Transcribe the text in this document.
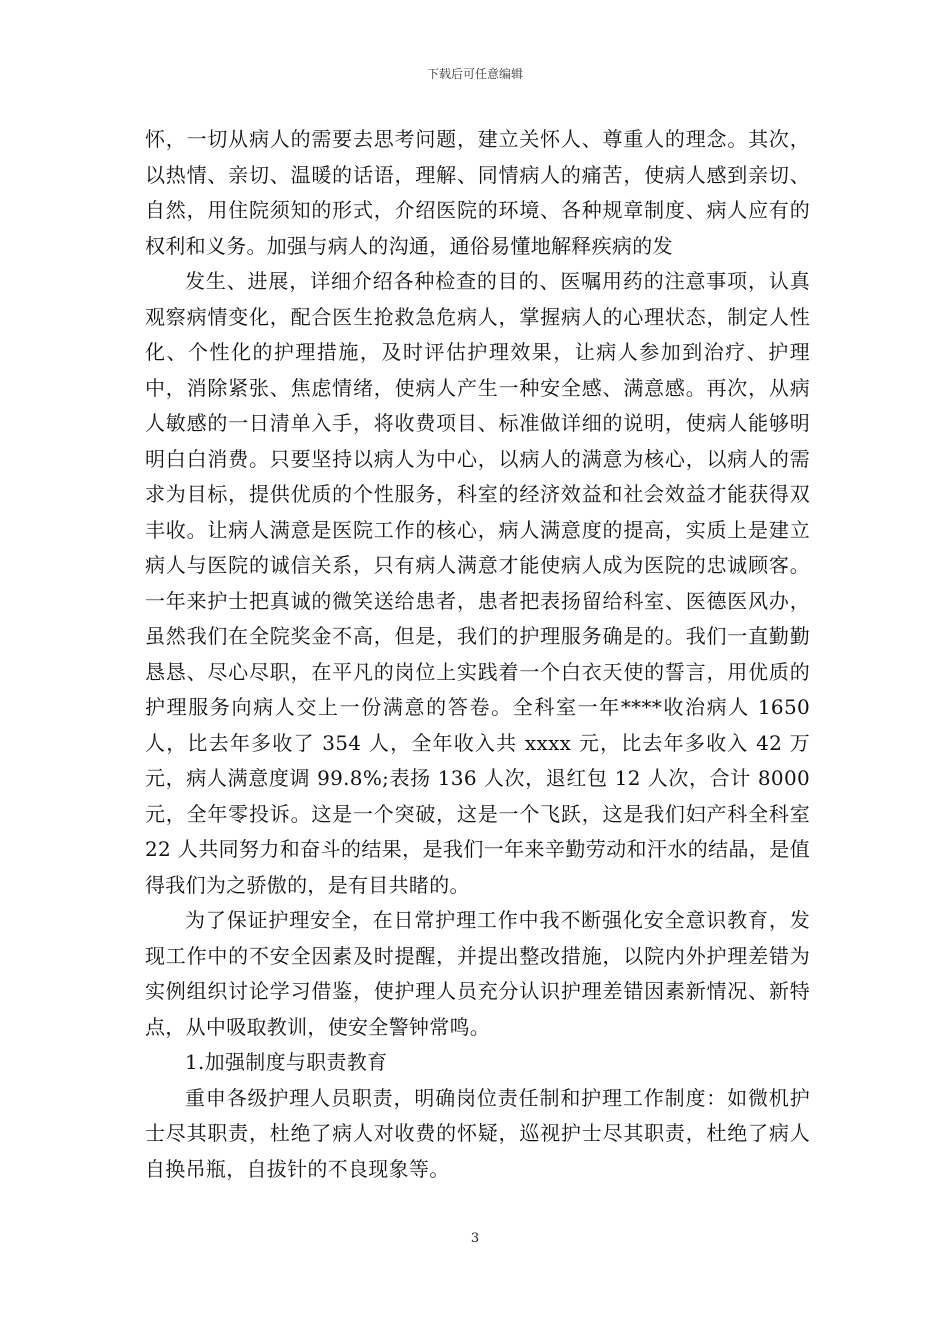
下载后可任意编辑

怀，一切从病人的需要去思考问题，建立关怀人、尊重人的理念。其次，以热情、亲切、温暖的话语，理解、同情病人的痛苦，使病人感到亲切、自然，用住院须知的形式，介绍医院的环境、各种规章制度、病人应有的权利和义务。加强与病人的沟通，通俗易懂地解释疾病的发

发生、进展，详细介绍各种检查的目的、医嘱用药的注意事项，认真观察病情变化，配合医生抢救急危病人，掌握病人的心理状态，制定人性化、个性化的护理措施，及时评估护理效果，让病人参加到治疗、护理中，消除紧张、焦虑情绪，使病人产生一种安全感、满意感。再次，从病人敏感的一日清单入手，将收费项目、标准做详细的说明，使病人能够明明白白消费。只要坚持以病人为中心，以病人的满意为核心，以病人的需求为目标，提供优质的个性服务，科室的经济效益和社会效益才能获得双丰收。让病人满意是医院工作的核心，病人满意度的提高，实质上是建立病人与医院的诚信关系，只有病人满意才能使病人成为医院的忠诚顾客。一年来护士把真诚的微笑送给患者，患者把表扬留给科室、医德医风办，虽然我们在全院奖金不高，但是，我们的护理服务确是的。我们一直勤勤恳恳、尽心尽职，在平凡的岗位上实践着一个白衣天使的誓言，用优质的护理服务向病人交上一份满意的答卷。全科室一年****收治病人 1650 人，比去年多收了 354 人，全年收入共 xxxx 元，比去年多收入 42 万元，病人满意度调 99.8%;表扬 136 人次，退红包 12 人次，合计 8000 元，全年零投诉。这是一个突破，这是一个飞跃，这是我们妇产科全科室 22 人共同努力和奋斗的结果，是我们一年来辛勤劳动和汗水的结晶，是值得我们为之骄傲的，是有目共睹的。

为了保证护理安全，在日常护理工作中我不断强化安全意识教育，发现工作中的不安全因素及时提醒，并提出整改措施，以院内外护理差错为实例组织讨论学习借鉴，使护理人员充分认识护理差错因素新情况、新特点，从中吸取教训，使安全警钟常鸣。

1.加强制度与职责教育

重申各级护理人员职责，明确岗位责任制和护理工作制度：如微机护士尽其职责，杜绝了病人对收费的怀疑，巡视护士尽其职责，杜绝了病人自换吊瓶，自拔针的不良现象等。

3
